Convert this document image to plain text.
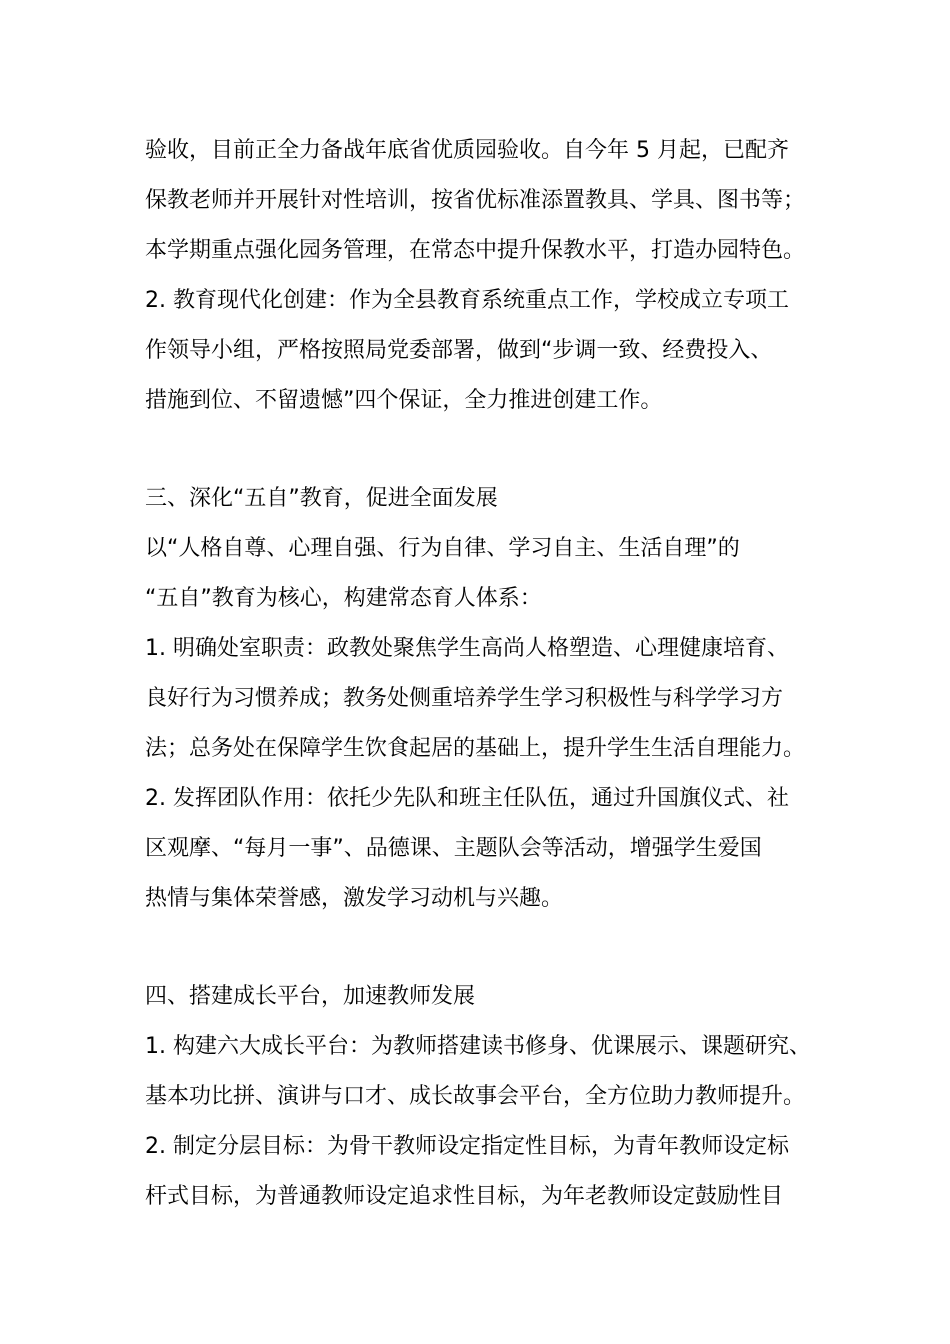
验收，目前正全力备战年底省优质园验收。自今年 5 月起，已配齐
保教老师并开展针对性培训，按省优标准添置教具、学具、图书等；
本学期重点强化园务管理，在常态中提升保教水平，打造办园特色。
2. 教育现代化创建：作为全县教育系统重点工作，学校成立专项工
作领导小组，严格按照局党委部署，做到“步调一致、经费投入、
措施到位、不留遗憾”四个保证，全力推进创建工作。
三、深化“五自”教育，促进全面发展
以“人格自尊、心理自强、行为自律、学习自主、生活自理”的
“五自”教育为核心，构建常态育人体系：
1. 明确处室职责：政教处聚焦学生高尚人格塑造、心理健康培育、
良好行为习惯养成；教务处侧重培养学生学习积极性与科学学习方
法；总务处在保障学生饮食起居的基础上，提升学生生活自理能力。
2. 发挥团队作用：依托少先队和班主任队伍，通过升国旗仪式、社
区观摩、“每月一事”、品德课、主题队会等活动，增强学生爱国
热情与集体荣誉感，激发学习动机与兴趣。
四、搭建成长平台，加速教师发展
1. 构建六大成长平台：为教师搭建读书修身、优课展示、课题研究、
基本功比拼、演讲与口才、成长故事会平台，全方位助力教师提升。
2. 制定分层目标：为骨干教师设定指定性目标，为青年教师设定标
杆式目标，为普通教师设定追求性目标，为年老教师设定鼓励性目
